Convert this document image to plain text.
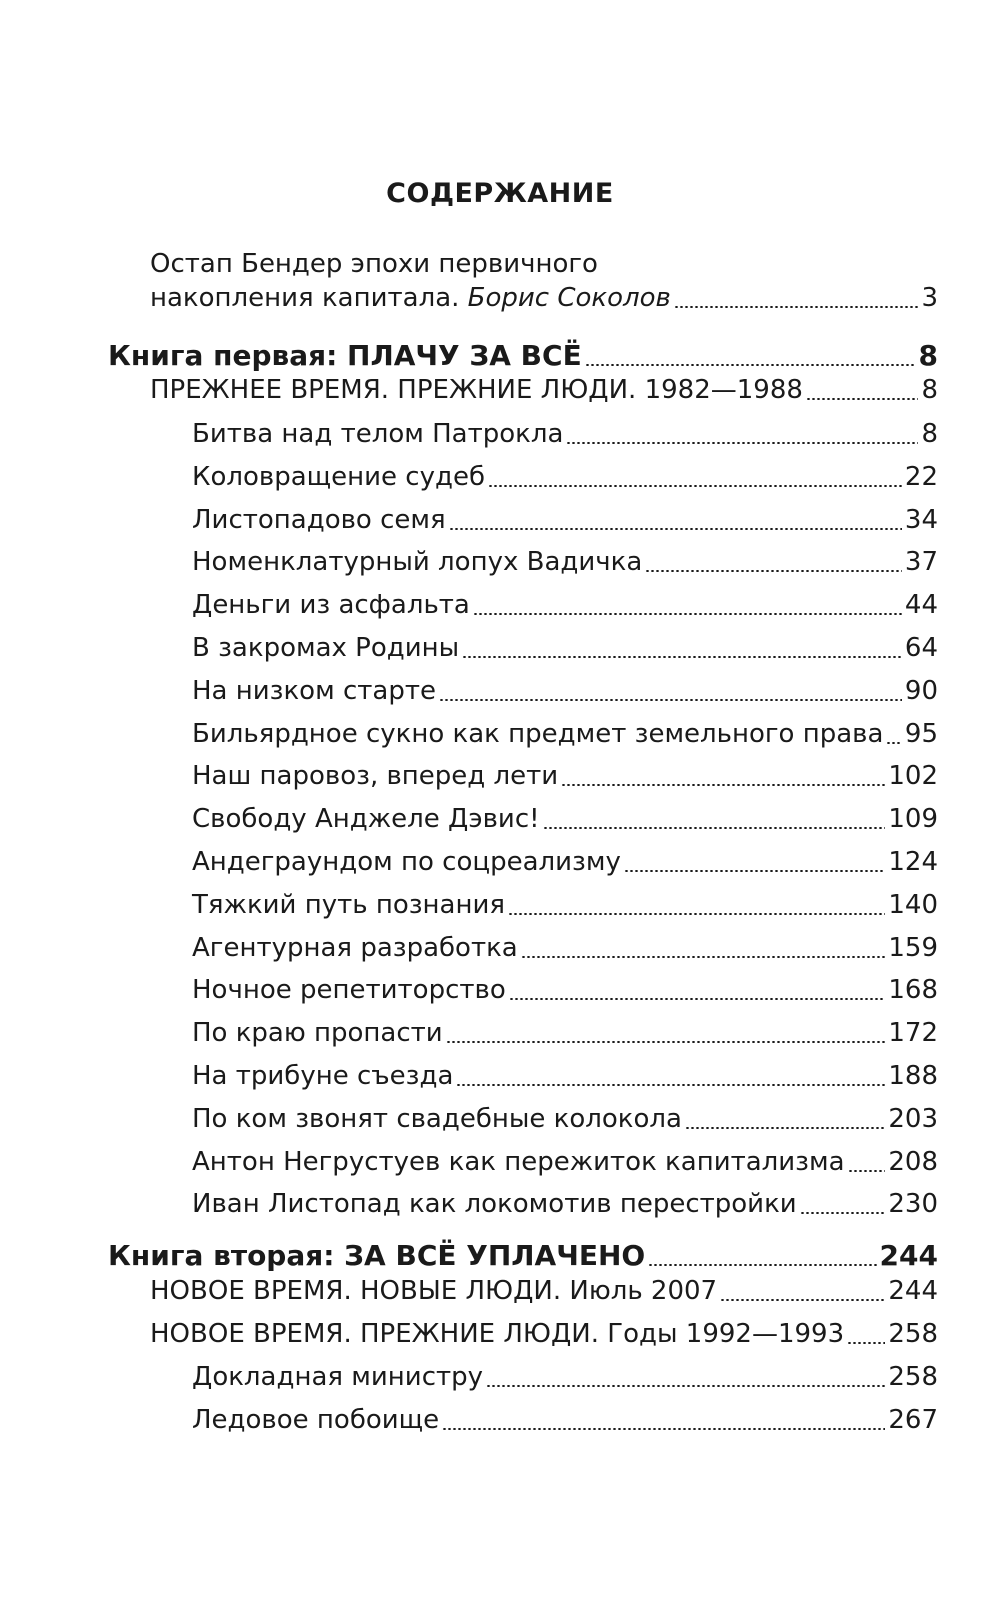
СОДЕРЖАНИЕ
Остап Бендер эпохи первичного
накопления капитала. Борис Соколов	3
Книга первая: ПЛАЧУ ЗА ВСЁ	8
ПРЕЖНЕЕ ВРЕМЯ. ПРЕЖНИЕ ЛЮДИ. 1982—1988	8
Битва над телом Патрокла	8
Коловращение судеб	22
Листопадово семя	34
Номенклатурный лопух Вадичка	37
Деньги из асфальта	44
В закромах Родины	64
На низком старте	90
Бильярдное сукно как предмет земельного права 95
Наш паровоз, вперед лети	102
Свободу Анджеле Дэвис!	109
Андеграундом по соцреализму	124
Тяжкий путь познания	140
Агентурная разработка	159
Ночное репетиторство	168
По краю пропасти	172
На трибуне съезда	188
По ком звонят свадебные колокола	203
Антон Негрустуев как пережиток капитализма 208
Иван Листопад как локомотив перестройки	230
Книга вторая: ЗА ВСЁ УПЛАЧЕНО	244
НОВОЕ ВРЕМЯ. НОВЫЕ ЛЮДИ. Июль 2007	244
НОВОЕ ВРЕМЯ. ПРЕЖНИЕ ЛЮДИ. Годы 1992—1993 258
Докладная министру	258
Ледовое побоище	267
